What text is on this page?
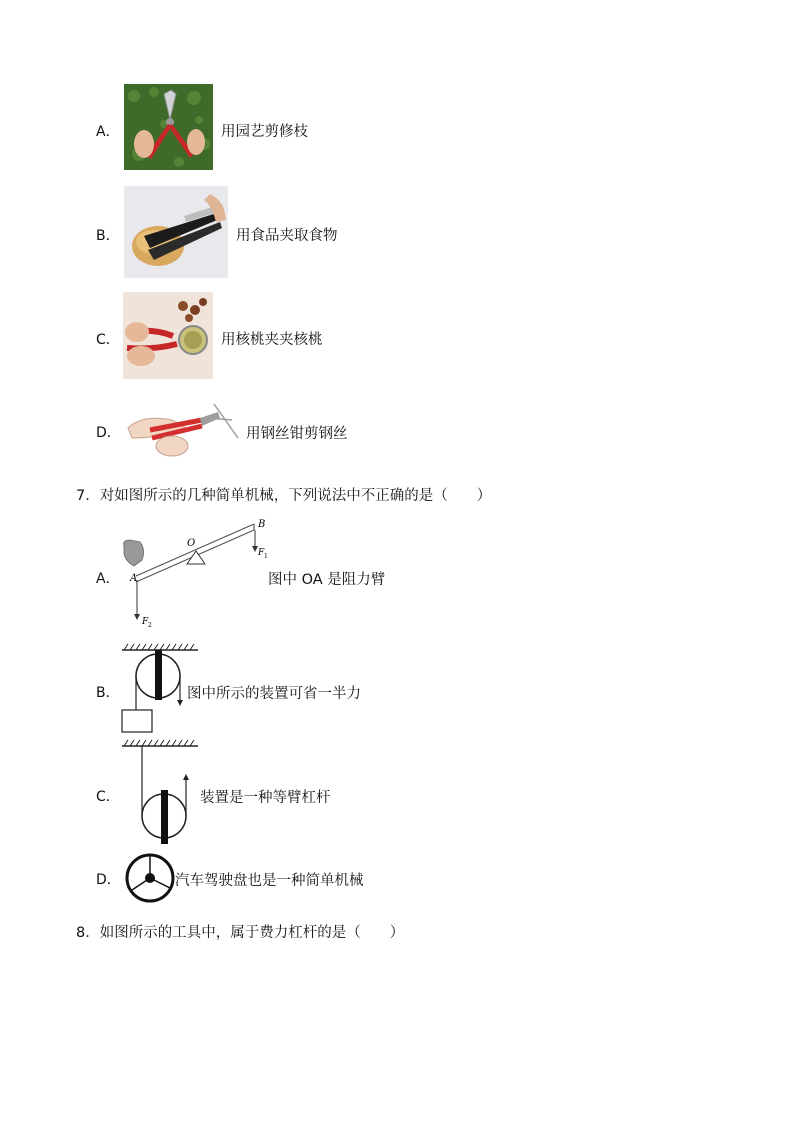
A．	用园艺剪修枝
B．	用食品夹取食物
C．	用核桃夹夹核桃
D．	用钢丝钳剪钢丝
7．对如图所示的几种简单机械，下列说法中不正确的是（　　）
O
A
B
F 1
F 2
A．	图中 OA 是阻力臂
B．	图中所示的装置可省一半力
C．	装置是一种等臂杠杆
D．	汽车驾驶盘也是一种简单机械
8．如图所示的工具中，属于费力杠杆的是（　　）
